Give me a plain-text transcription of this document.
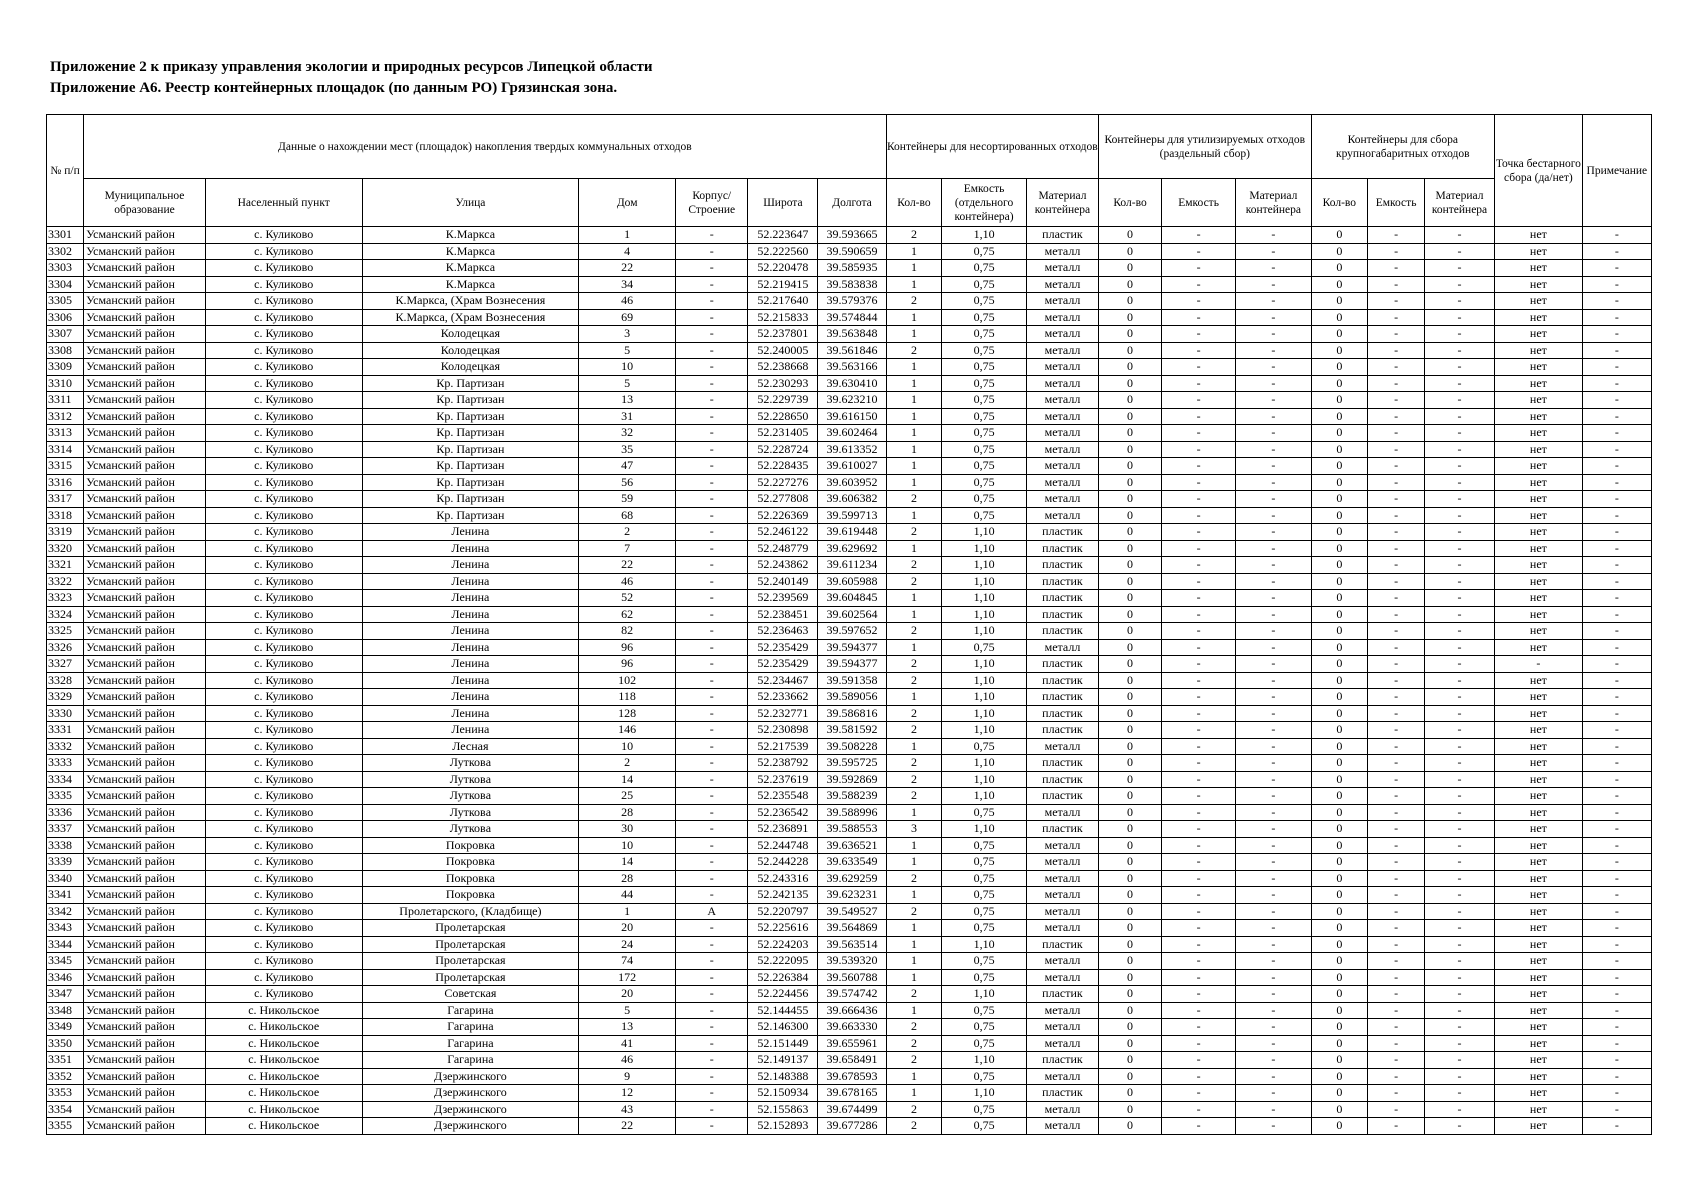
Приложение 2 к приказу управления экологии и природных ресурсов Липецкой области
Приложение А6. Реестр контейнерных площадок (по данным РО) Грязинская зона.
№ п/п	Данные о нахождении мест (площадок) накопления твердых коммунальных отходов							Контейнеры для несортированных отходов			Контейнеры для утилизируемых отходов (раздельный сбор)			Контейнеры для сбора крупногабаритных отходов			Точка бестарного сбора (да/нет)	Примечание
	Муниципальное образование	Населенный пункт	Улица	Дом	Корпус/ Строение	Широта	Долгота	Кол-во	Емкость (отдельного контейнера)	Материал контейнера	Кол-во	Емкость	Материал контейнера	Кол-во	Емкость	Материал контейнера		
3301	Усманский район	с. Куликово	К.Маркса	1	-	52.223647	39.593665	2	1,10	пластик	0	-	-	0	-	-	нет	-
3302	Усманский район	с. Куликово	К.Маркса	4	-	52.222560	39.590659	1	0,75	металл	0	-	-	0	-	-	нет	-
3303	Усманский район	с. Куликово	К.Маркса	22	-	52.220478	39.585935	1	0,75	металл	0	-	-	0	-	-	нет	-
3304	Усманский район	с. Куликово	К.Маркса	34	-	52.219415	39.583838	1	0,75	металл	0	-	-	0	-	-	нет	-
3305	Усманский район	с. Куликово	К.Маркса, (Храм Вознесения	46	-	52.217640	39.579376	2	0,75	металл	0	-	-	0	-	-	нет	-
3306	Усманский район	с. Куликово	К.Маркса, (Храм Вознесения	69	-	52.215833	39.574844	1	0,75	металл	0	-	-	0	-	-	нет	-
3307	Усманский район	с. Куликово	Колодецкая	3	-	52.237801	39.563848	1	0,75	металл	0	-	-	0	-	-	нет	-
3308	Усманский район	с. Куликово	Колодецкая	5	-	52.240005	39.561846	2	0,75	металл	0	-	-	0	-	-	нет	-
3309	Усманский район	с. Куликово	Колодецкая	10	-	52.238668	39.563166	1	0,75	металл	0	-	-	0	-	-	нет	-
3310	Усманский район	с. Куликово	Кр. Партизан	5	-	52.230293	39.630410	1	0,75	металл	0	-	-	0	-	-	нет	-
3311	Усманский район	с. Куликово	Кр. Партизан	13	-	52.229739	39.623210	1	0,75	металл	0	-	-	0	-	-	нет	-
3312	Усманский район	с. Куликово	Кр. Партизан	31	-	52.228650	39.616150	1	0,75	металл	0	-	-	0	-	-	нет	-
3313	Усманский район	с. Куликово	Кр. Партизан	32	-	52.231405	39.602464	1	0,75	металл	0	-	-	0	-	-	нет	-
3314	Усманский район	с. Куликово	Кр. Партизан	35	-	52.228724	39.613352	1	0,75	металл	0	-	-	0	-	-	нет	-
3315	Усманский район	с. Куликово	Кр. Партизан	47	-	52.228435	39.610027	1	0,75	металл	0	-	-	0	-	-	нет	-
3316	Усманский район	с. Куликово	Кр. Партизан	56	-	52.227276	39.603952	1	0,75	металл	0	-	-	0	-	-	нет	-
3317	Усманский район	с. Куликово	Кр. Партизан	59	-	52.277808	39.606382	2	0,75	металл	0	-	-	0	-	-	нет	-
3318	Усманский район	с. Куликово	Кр. Партизан	68	-	52.226369	39.599713	1	0,75	металл	0	-	-	0	-	-	нет	-
3319	Усманский район	с. Куликово	Ленина	2	-	52.246122	39.619448	2	1,10	пластик	0	-	-	0	-	-	нет	-
3320	Усманский район	с. Куликово	Ленина	7	-	52.248779	39.629692	1	1,10	пластик	0	-	-	0	-	-	нет	-
3321	Усманский район	с. Куликово	Ленина	22	-	52.243862	39.611234	2	1,10	пластик	0	-	-	0	-	-	нет	-
3322	Усманский район	с. Куликово	Ленина	46	-	52.240149	39.605988	2	1,10	пластик	0	-	-	0	-	-	нет	-
3323	Усманский район	с. Куликово	Ленина	52	-	52.239569	39.604845	1	1,10	пластик	0	-	-	0	-	-	нет	-
3324	Усманский район	с. Куликово	Ленина	62	-	52.238451	39.602564	1	1,10	пластик	0	-	-	0	-	-	нет	-
3325	Усманский район	с. Куликово	Ленина	82	-	52.236463	39.597652	2	1,10	пластик	0	-	-	0	-	-	нет	-
3326	Усманский район	с. Куликово	Ленина	96	-	52.235429	39.594377	1	0,75	металл	0	-	-	0	-	-	нет	-
3327	Усманский район	с. Куликово	Ленина	96	-	52.235429	39.594377	2	1,10	пластик	0	-	-	0	-	-	-	-
3328	Усманский район	с. Куликово	Ленина	102	-	52.234467	39.591358	2	1,10	пластик	0	-	-	0	-	-	нет	-
3329	Усманский район	с. Куликово	Ленина	118	-	52.233662	39.589056	1	1,10	пластик	0	-	-	0	-	-	нет	-
3330	Усманский район	с. Куликово	Ленина	128	-	52.232771	39.586816	2	1,10	пластик	0	-	-	0	-	-	нет	-
3331	Усманский район	с. Куликово	Ленина	146	-	52.230898	39.581592	2	1,10	пластик	0	-	-	0	-	-	нет	-
3332	Усманский район	с. Куликово	Лесная	10	-	52.217539	39.508228	1	0,75	металл	0	-	-	0	-	-	нет	-
3333	Усманский район	с. Куликово	Лутковa	2	-	52.238792	39.595725	2	1,10	пластик	0	-	-	0	-	-	нет	-
3334	Усманский район	с. Куликово	Лутковa	14	-	52.237619	39.592869	2	1,10	пластик	0	-	-	0	-	-	нет	-
3335	Усманский район	с. Куликово	Лутковa	25	-	52.235548	39.588239	2	1,10	пластик	0	-	-	0	-	-	нет	-
3336	Усманский район	с. Куликово	Лутковa	28	-	52.236542	39.588996	1	0,75	металл	0	-	-	0	-	-	нет	-
3337	Усманский район	с. Куликово	Лутковa	30	-	52.236891	39.588553	3	1,10	пластик	0	-	-	0	-	-	нет	-
3338	Усманский район	с. Куликово	Покровка	10	-	52.244748	39.636521	1	0,75	металл	0	-	-	0	-	-	нет	-
3339	Усманский район	с. Куликово	Покровка	14	-	52.244228	39.633549	1	0,75	металл	0	-	-	0	-	-	нет	-
3340	Усманский район	с. Куликово	Покровка	28	-	52.243316	39.629259	2	0,75	металл	0	-	-	0	-	-	нет	-
3341	Усманский район	с. Куликово	Покровка	44	-	52.242135	39.623231	1	0,75	металл	0	-	-	0	-	-	нет	-
3342	Усманский район	с. Куликово	Пролетарского, (Кладбище)	1	А	52.220797	39.549527	2	0,75	металл	0	-	-	0	-	-	нет	-
3343	Усманский район	с. Куликово	Пролетарская	20	-	52.225616	39.564869	1	0,75	металл	0	-	-	0	-	-	нет	-
3344	Усманский район	с. Куликово	Пролетарская	24	-	52.224203	39.563514	1	1,10	пластик	0	-	-	0	-	-	нет	-
3345	Усманский район	с. Куликово	Пролетарская	74	-	52.222095	39.539320	1	0,75	металл	0	-	-	0	-	-	нет	-
3346	Усманский район	с. Куликово	Пролетарская	172	-	52.226384	39.560788	1	0,75	металл	0	-	-	0	-	-	нет	-
3347	Усманский район	с. Куликово	Советская	20	-	52.224456	39.574742	2	1,10	пластик	0	-	-	0	-	-	нет	-
3348	Усманский район	с. Никольское	Гагарина	5	-	52.144455	39.666436	1	0,75	металл	0	-	-	0	-	-	нет	-
3349	Усманский район	с. Никольское	Гагарина	13	-	52.146300	39.663330	2	0,75	металл	0	-	-	0	-	-	нет	-
3350	Усманский район	с. Никольское	Гагарина	41	-	52.151449	39.655961	2	0,75	металл	0	-	-	0	-	-	нет	-
3351	Усманский район	с. Никольское	Гагарина	46	-	52.149137	39.658491	2	1,10	пластик	0	-	-	0	-	-	нет	-
3352	Усманский район	с. Никольское	Дзержинского	9	-	52.148388	39.678593	1	0,75	металл	0	-	-	0	-	-	нет	-
3353	Усманский район	с. Никольское	Дзержинского	12	-	52.150934	39.678165	1	1,10	пластик	0	-	-	0	-	-	нет	-
3354	Усманский район	с. Никольское	Дзержинского	43	-	52.155863	39.674499	2	0,75	металл	0	-	-	0	-	-	нет	-
3355	Усманский район	с. Никольское	Дзержинского	22	-	52.152893	39.677286	2	0,75	металл	0	-	-	0	-	-	нет	-
